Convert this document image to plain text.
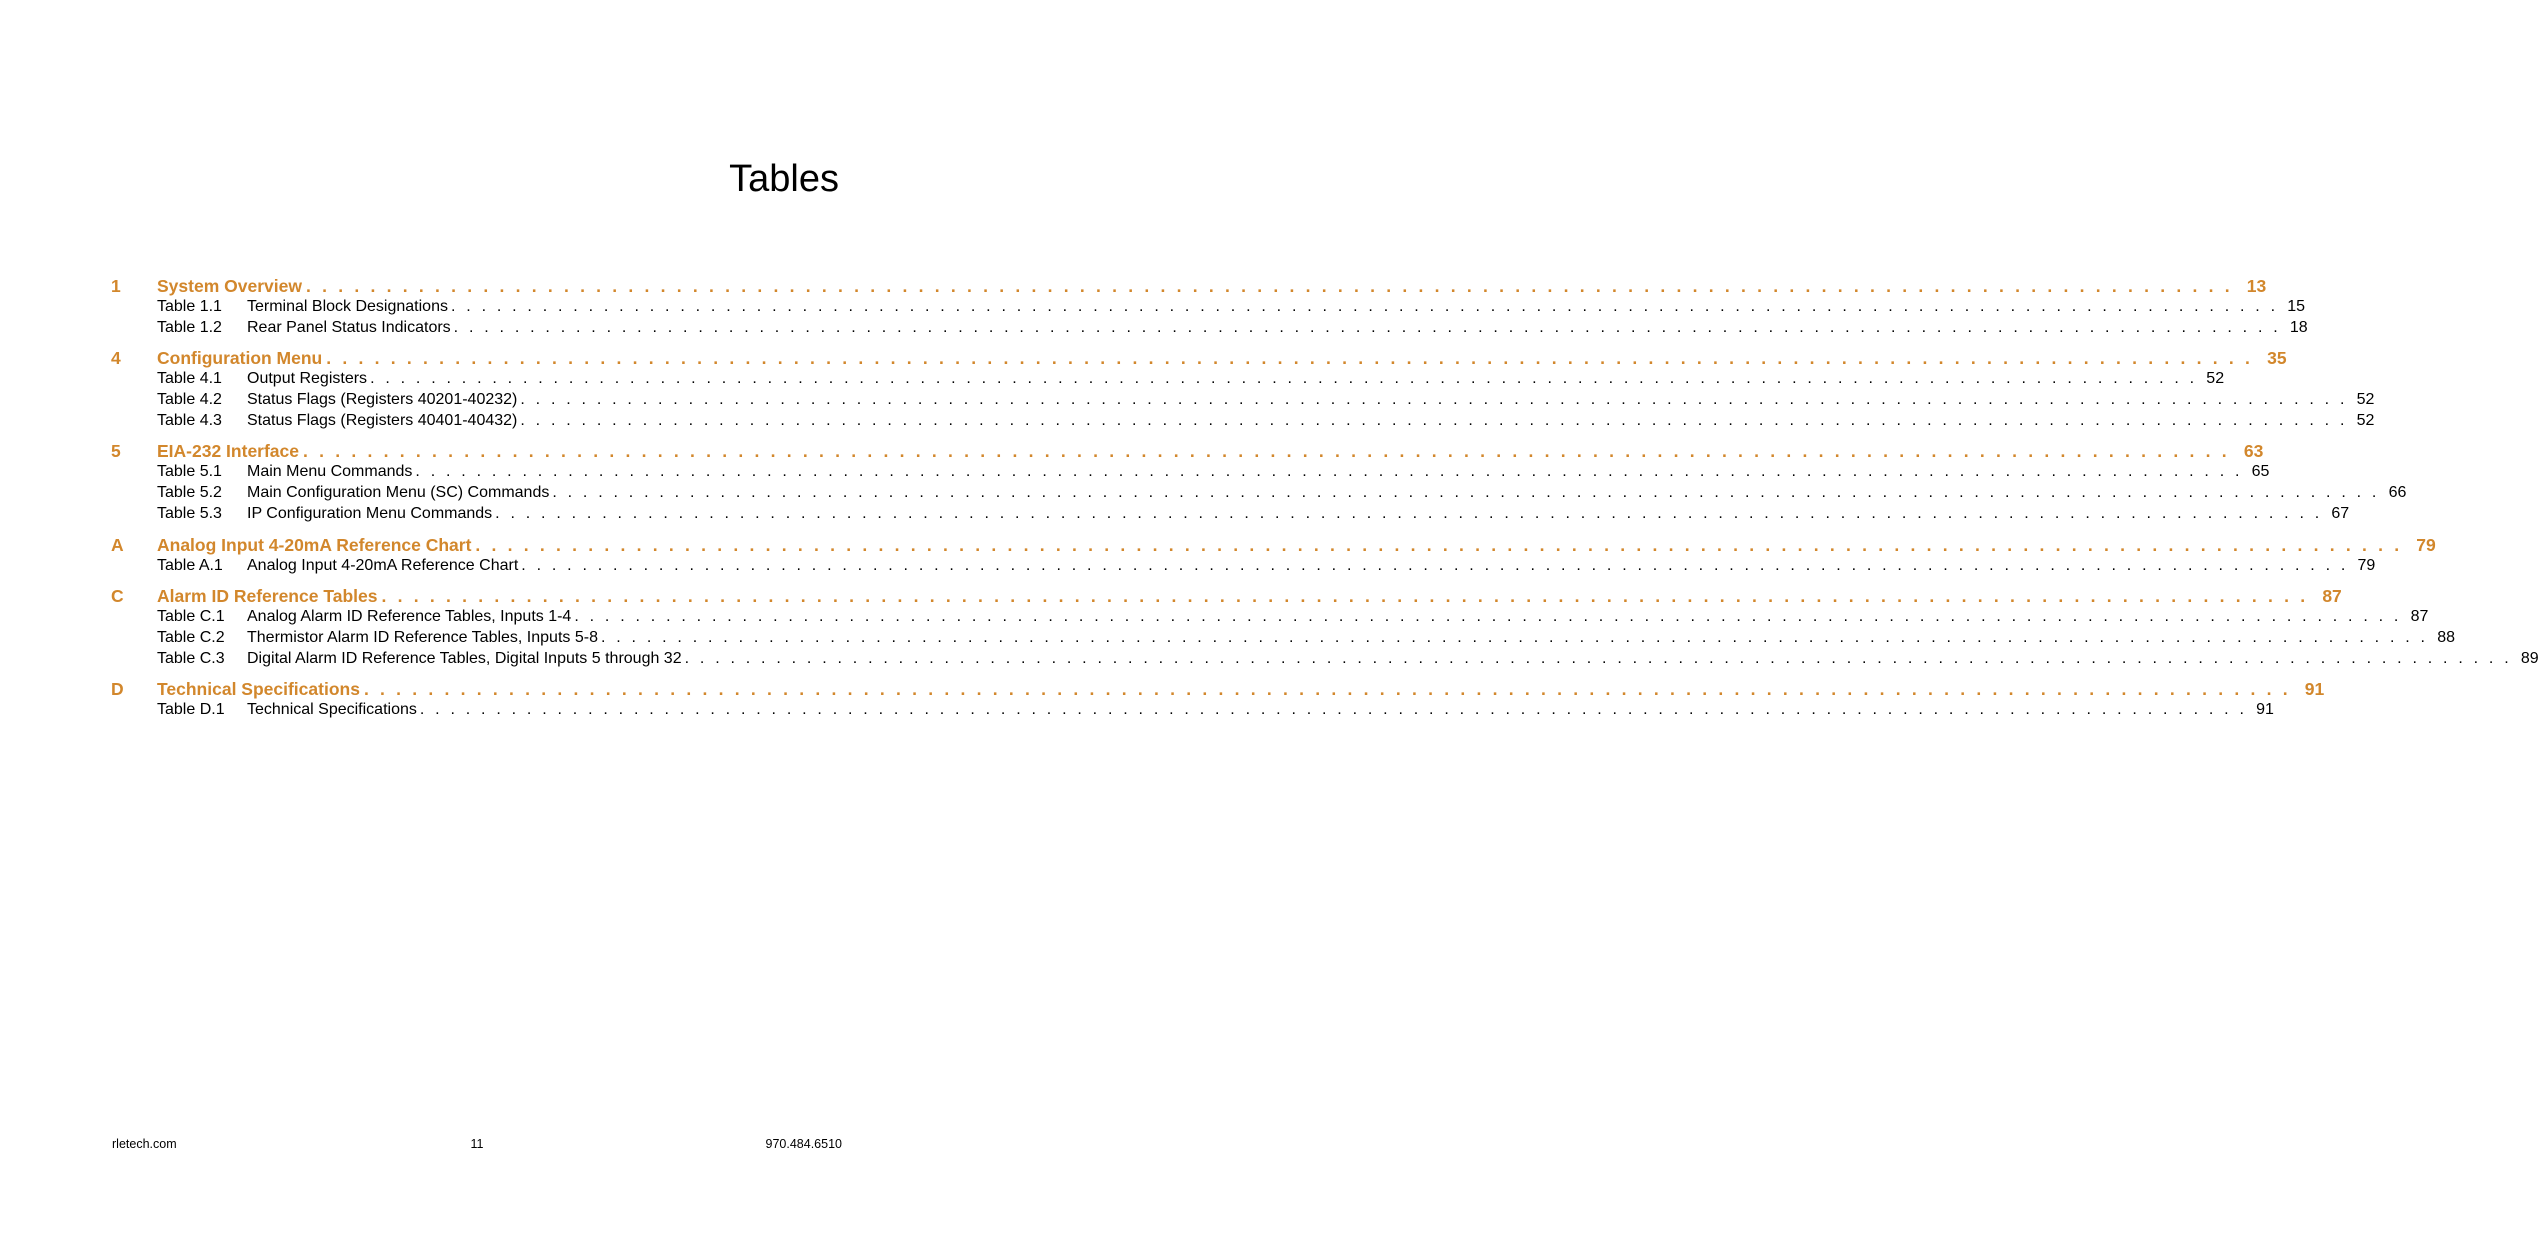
Tables
1	System Overview . . . . . . . . . . . . . . . . . . . . . . . . . . . . . . . . . . . . . . . . . . . . . . . . . . . . . . . . . . . . . . . . . . . . . . . . . . . . . . . . . . . . . . . . . . . . . . . . . . . . . . . . . . . . . . . . . . . . . . . . 13
Table 1.1	Terminal Block Designations . . . . . . . . . . . . . . . . . . . . . . . . . . . . . . . . . . . . . . . . . . . . . . . . . . . . . . . . . . . . . . . . . . . . . . . . . . . . . . . . . . . . . . . . . . . . . . . . . . . . . . . . . . . . . . . . . . . . . . . . 15
Table 1.2	Rear Panel Status Indicators . . . . . . . . . . . . . . . . . . . . . . . . . . . . . . . . . . . . . . . . . . . . . . . . . . . . . . . . . . . . . . . . . . . . . . . . . . . . . . . . . . . . . . . . . . . . . . . . . . . . . . . . . . . . . . . . . . . . . . . . 18
4	Configuration Menu . . . . . . . . . . . . . . . . . . . . . . . . . . . . . . . . . . . . . . . . . . . . . . . . . . . . . . . . . . . . . . . . . . . . . . . . . . . . . . . . . . . . . . . . . . . . . . . . . . . . . . . . . . . . . . . . . . . . . . . . 35
Table 4.1	Output Registers . . . . . . . . . . . . . . . . . . . . . . . . . . . . . . . . . . . . . . . . . . . . . . . . . . . . . . . . . . . . . . . . . . . . . . . . . . . . . . . . . . . . . . . . . . . . . . . . . . . . . . . . . . . . . . . . . . . . . . . . 52
Table 4.2	Status Flags (Registers 40201-40232) . . . . . . . . . . . . . . . . . . . . . . . . . . . . . . . . . . . . . . . . . . . . . . . . . . . . . . . . . . . . . . . . . . . . . . . . . . . . . . . . . . . . . . . . . . . . . . . . . . . . . . . . . . . . . . . . . . . . . . . . 52
Table 4.3	Status Flags (Registers 40401-40432) . . . . . . . . . . . . . . . . . . . . . . . . . . . . . . . . . . . . . . . . . . . . . . . . . . . . . . . . . . . . . . . . . . . . . . . . . . . . . . . . . . . . . . . . . . . . . . . . . . . . . . . . . . . . . . . . . . . . . . . . 52
5	EIA-232 Interface . . . . . . . . . . . . . . . . . . . . . . . . . . . . . . . . . . . . . . . . . . . . . . . . . . . . . . . . . . . . . . . . . . . . . . . . . . . . . . . . . . . . . . . . . . . . . . . . . . . . . . . . . . . . . . . . . . . . . . . . 63
Table 5.1	Main Menu Commands . . . . . . . . . . . . . . . . . . . . . . . . . . . . . . . . . . . . . . . . . . . . . . . . . . . . . . . . . . . . . . . . . . . . . . . . . . . . . . . . . . . . . . . . . . . . . . . . . . . . . . . . . . . . . . . . . . . . . . . . 65
Table 5.2	Main Configuration Menu (SC) Commands . . . . . . . . . . . . . . . . . . . . . . . . . . . . . . . . . . . . . . . . . . . . . . . . . . . . . . . . . . . . . . . . . . . . . . . . . . . . . . . . . . . . . . . . . . . . . . . . . . . . . . . . . . . . . . . . . . . . . . . . 66
Table 5.3	IP Configuration Menu Commands . . . . . . . . . . . . . . . . . . . . . . . . . . . . . . . . . . . . . . . . . . . . . . . . . . . . . . . . . . . . . . . . . . . . . . . . . . . . . . . . . . . . . . . . . . . . . . . . . . . . . . . . . . . . . . . . . . . . . . . . 67
A	Analog Input 4-20mA Reference Chart . . . . . . . . . . . . . . . . . . . . . . . . . . . . . . . . . . . . . . . . . . . . . . . . . . . . . . . . . . . . . . . . . . . . . . . . . . . . . . . . . . . . . . . . . . . . . . . . . . . . . . . . . . . . . . . . . . . . . . . . 79
Table A.1	Analog Input 4-20mA Reference Chart . . . . . . . . . . . . . . . . . . . . . . . . . . . . . . . . . . . . . . . . . . . . . . . . . . . . . . . . . . . . . . . . . . . . . . . . . . . . . . . . . . . . . . . . . . . . . . . . . . . . . . . . . . . . . . . . . . . . . . . . 79
C	Alarm ID Reference Tables . . . . . . . . . . . . . . . . . . . . . . . . . . . . . . . . . . . . . . . . . . . . . . . . . . . . . . . . . . . . . . . . . . . . . . . . . . . . . . . . . . . . . . . . . . . . . . . . . . . . . . . . . . . . . . . . . . . . . . . . 87
Table C.1	Analog Alarm ID Reference Tables, Inputs 1-4 . . . . . . . . . . . . . . . . . . . . . . . . . . . . . . . . . . . . . . . . . . . . . . . . . . . . . . . . . . . . . . . . . . . . . . . . . . . . . . . . . . . . . . . . . . . . . . . . . . . . . . . . . . . . . . . . . . . . . . . . 87
Table C.2	Thermistor Alarm ID Reference Tables, Inputs 5-8 . . . . . . . . . . . . . . . . . . . . . . . . . . . . . . . . . . . . . . . . . . . . . . . . . . . . . . . . . . . . . . . . . . . . . . . . . . . . . . . . . . . . . . . . . . . . . . . . . . . . . . . . . . . . . . . . . . . . . . . . 88
Table C.3	Digital Alarm ID Reference Tables, Digital Inputs 5 through 32 . . . . . . . . . . . . . . . . . . . . . . . . . . . . . . . . . . . . . . . . . . . . . . . . . . . . . . . . . . . . . . . . . . . . . . . . . . . . . . . . . . . . . . . . . . . . . . . . . . . . . . . . . . . . . . . . . . . . . . . . 89
D	Technical Specifications . . . . . . . . . . . . . . . . . . . . . . . . . . . . . . . . . . . . . . . . . . . . . . . . . . . . . . . . . . . . . . . . . . . . . . . . . . . . . . . . . . . . . . . . . . . . . . . . . . . . . . . . . . . . . . . . . . . . . . . . 91
Table D.1	Technical Specifications . . . . . . . . . . . . . . . . . . . . . . . . . . . . . . . . . . . . . . . . . . . . . . . . . . . . . . . . . . . . . . . . . . . . . . . . . . . . . . . . . . . . . . . . . . . . . . . . . . . . . . . . . . . . . . . . . . . . . . . . 91
rletech.com	11	970.484.6510
